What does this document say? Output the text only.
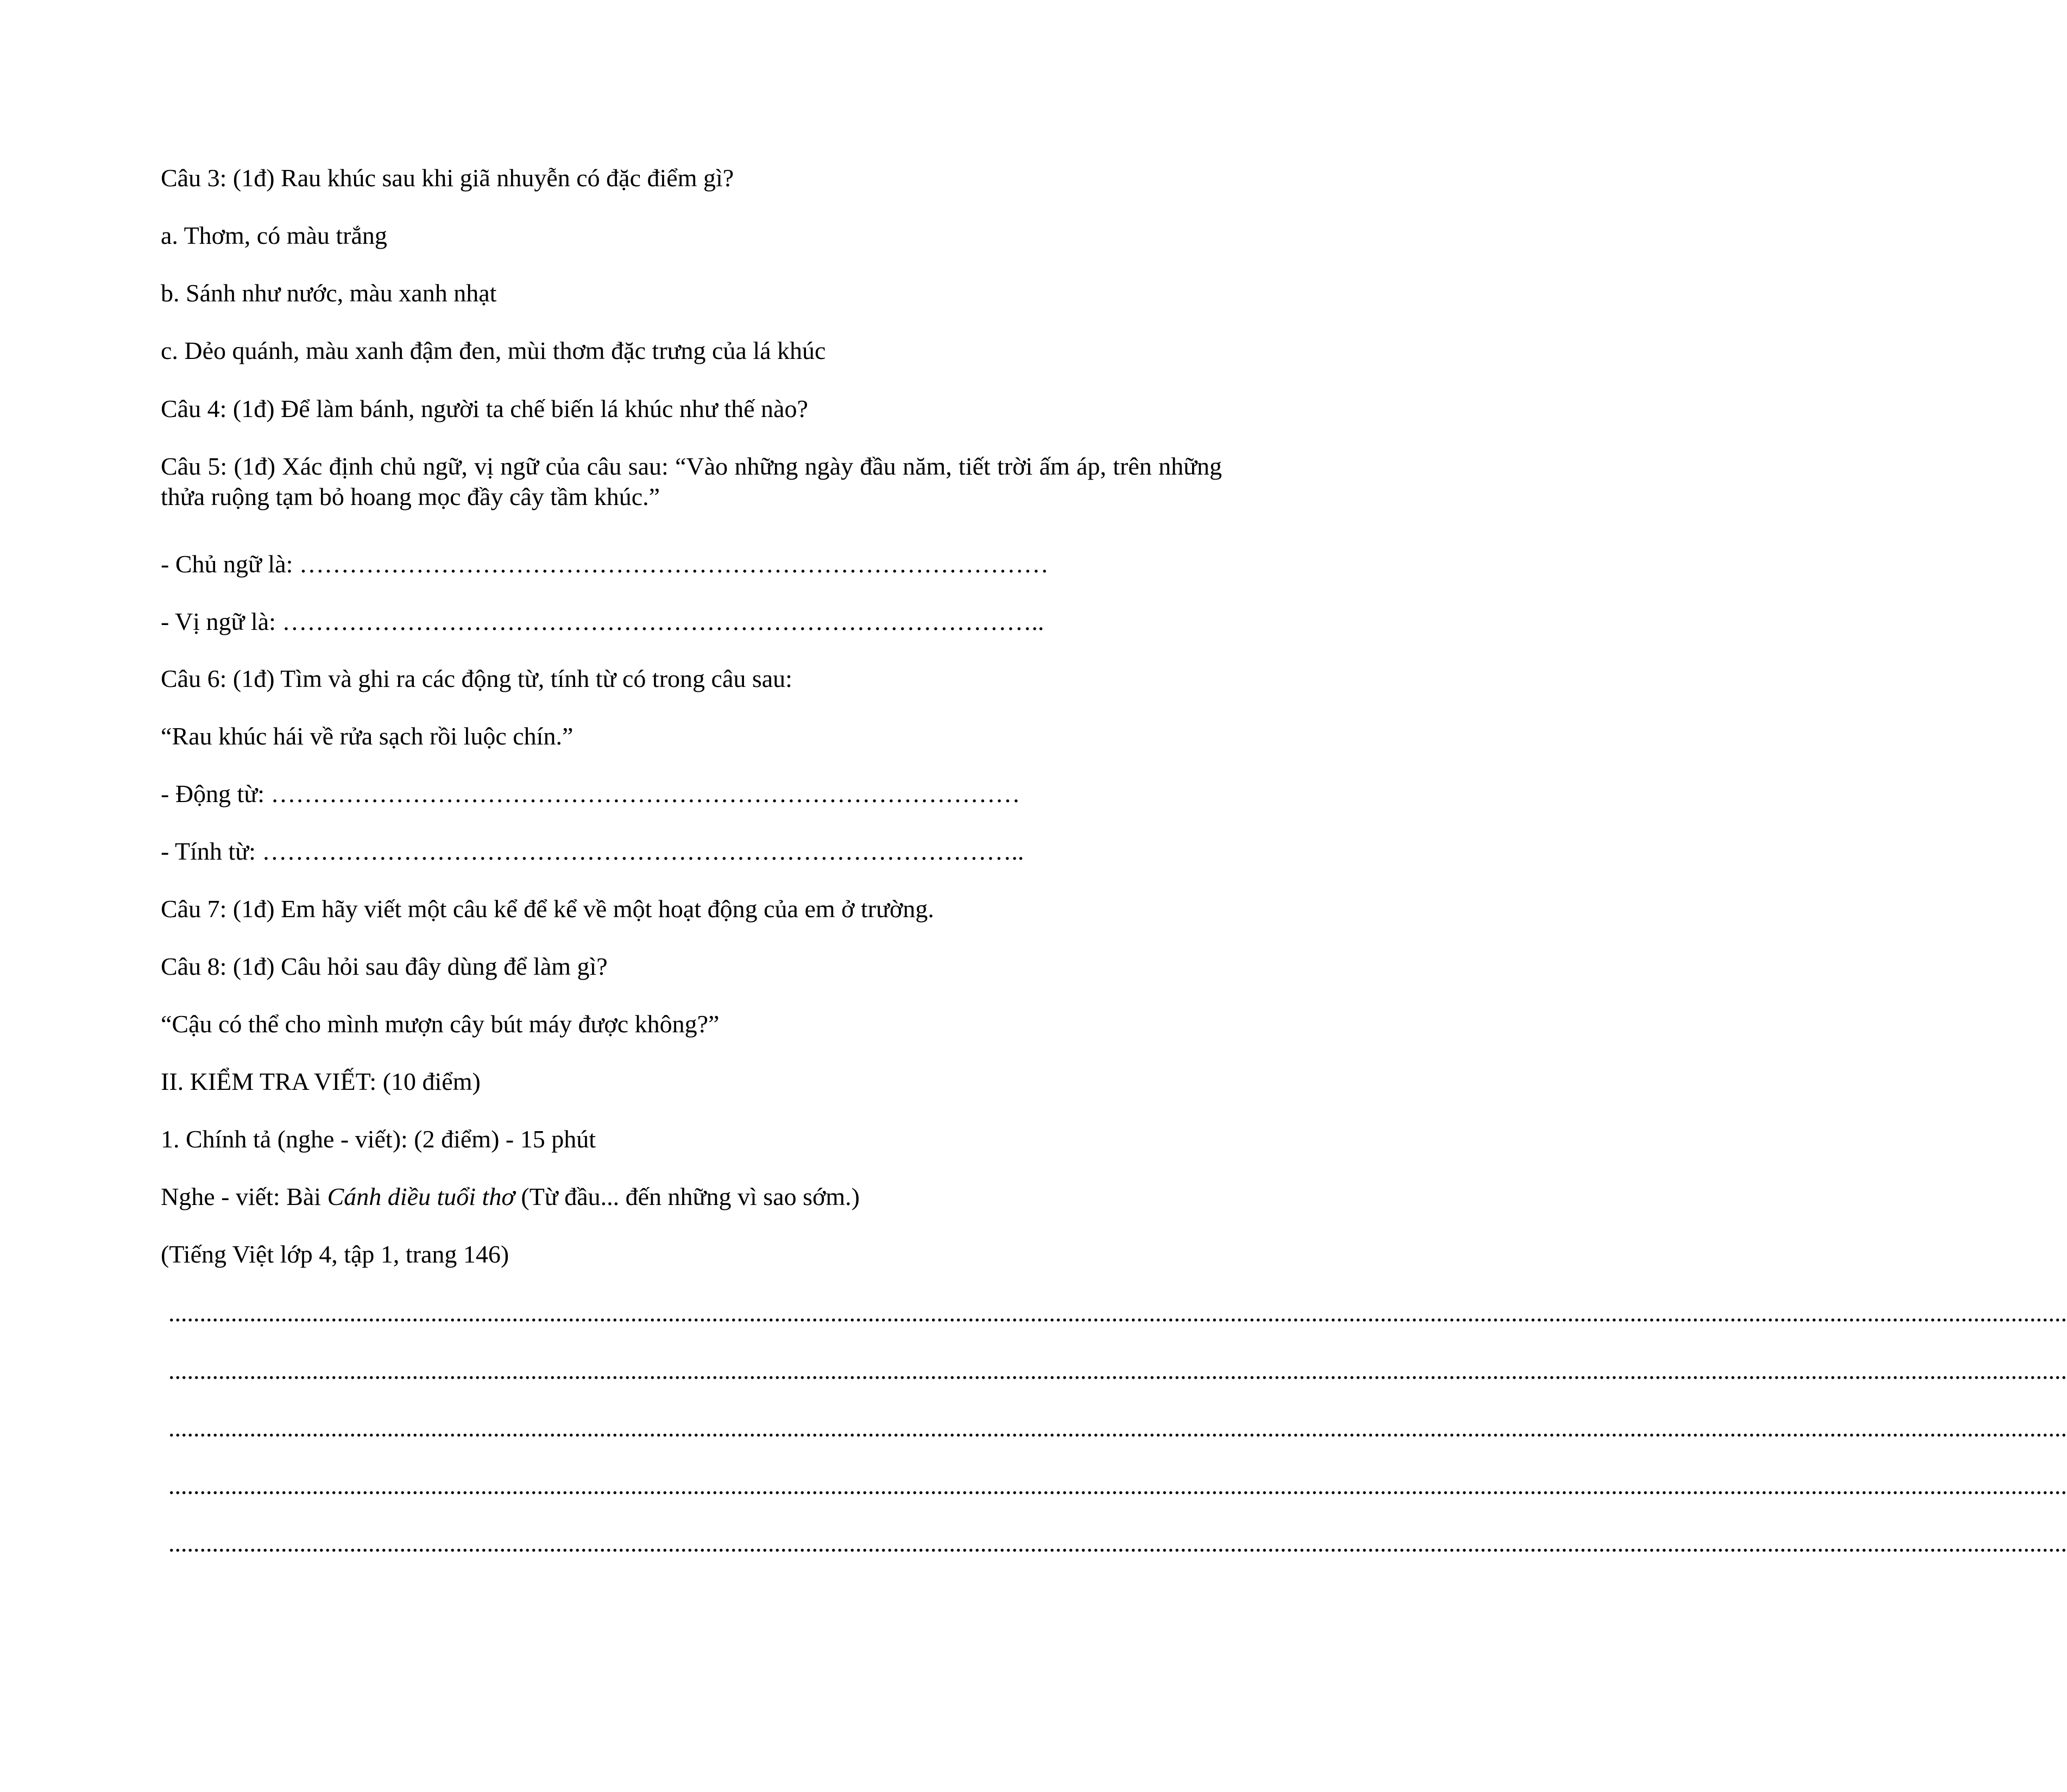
Câu 3: (1đ) Rau khúc sau khi giã nhuyễn có đặc điểm gì?

a. Thơm, có màu trắng

b. Sánh như nước, màu xanh nhạt

c. Dẻo quánh, màu xanh đậm đen, mùi thơm đặc trưng của lá khúc

Câu 4: (1đ) Để làm bánh, người ta chế biến lá khúc như thế nào?

Câu 5: (1đ) Xác định chủ ngữ, vị ngữ của câu sau: “Vào những ngày đầu năm, tiết trời ấm áp, trên những thửa ruộng tạm bỏ hoang mọc đầy cây tầm khúc.”

- Chủ ngữ là: ………………………………………………………………………………

- Vị ngữ là: ………………………………………………………………………………..

Câu 6: (1đ) Tìm và ghi ra các động từ, tính từ có trong câu sau:

“Rau khúc hái về rửa sạch rồi luộc chín.”

- Động từ: ………………………………………………………………………………

- Tính từ: ………………………………………………………………………………..

Câu 7: (1đ) Em hãy viết một câu kể để kể về một hoạt động của em ở trường.

Câu 8: (1đ) Câu hỏi sau đây dùng để làm gì?

“Cậu có thể cho mình mượn cây bút máy được không?”

II. KIỂM TRA VIẾT: (10 điểm)

1. Chính tả (nghe - viết): (2 điểm) - 15 phút

Nghe - viết: Bài Cánh diều tuổi thơ (Từ đầu... đến những vì sao sớm.)

(Tiếng Việt lớp 4, tập 1, trang 146)

................................................................................................................................................................................................................................................................................................................

................................................................................................................................................................................................................................................................................................................

................................................................................................................................................................................................................................................................................................................

................................................................................................................................................................................................................................................................................................................

................................................................................................................................................................................................................................................................................................................
